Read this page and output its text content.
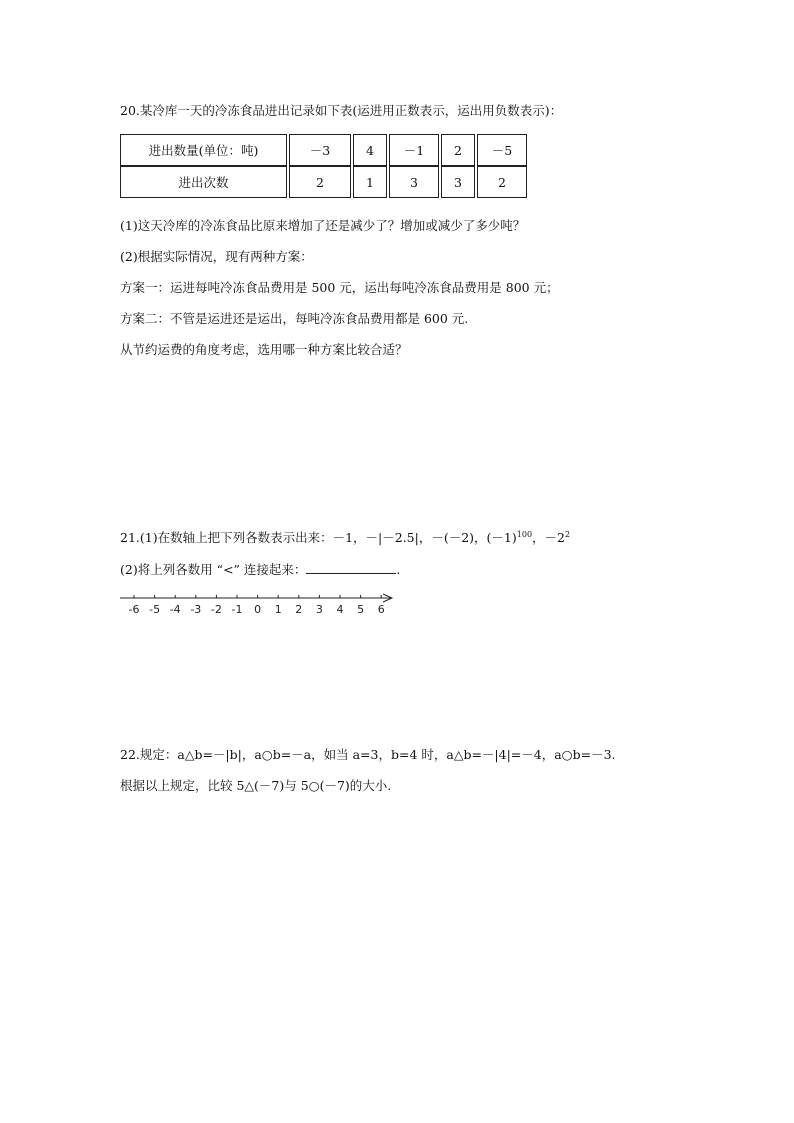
20.某冷库一天的冷冻食品进出记录如下表(运进用正数表示，运出用负数表示)：
进出数量(单位：吨)		－3		4		－1		2		－5
进出次数		2		1		3		3		2
(1)这天冷库的冷冻食品比原来增加了还是减少了？增加或减少了多少吨？
(2)根据实际情况，现有两种方案：
方案一：运进每吨冷冻食品费用是 500 元，运出每吨冷冻食品费用是 800 元；
方案二：不管是运进还是运出，每吨冷冻食品费用都是 600 元.
从节约运费的角度考虑，选用哪一种方案比较合适？
21.(1)在数轴上把下列各数表示出来：－1，－|－2.5|，－(－2)，$(-1)^{100}$，$-2^2$
(2)将上列各数用 “<” 连接起来：	.
-6 -5 -4 -3 -2 -1 0 1 2 3 4 5 6
22.规定：a△b=－|b|，a○b=－a，如当 a=3，b=4 时，a△b=－|4|=－4，a○b=－3.
根据以上规定，比较 5△(－7)与 5○(－7)的大小.
